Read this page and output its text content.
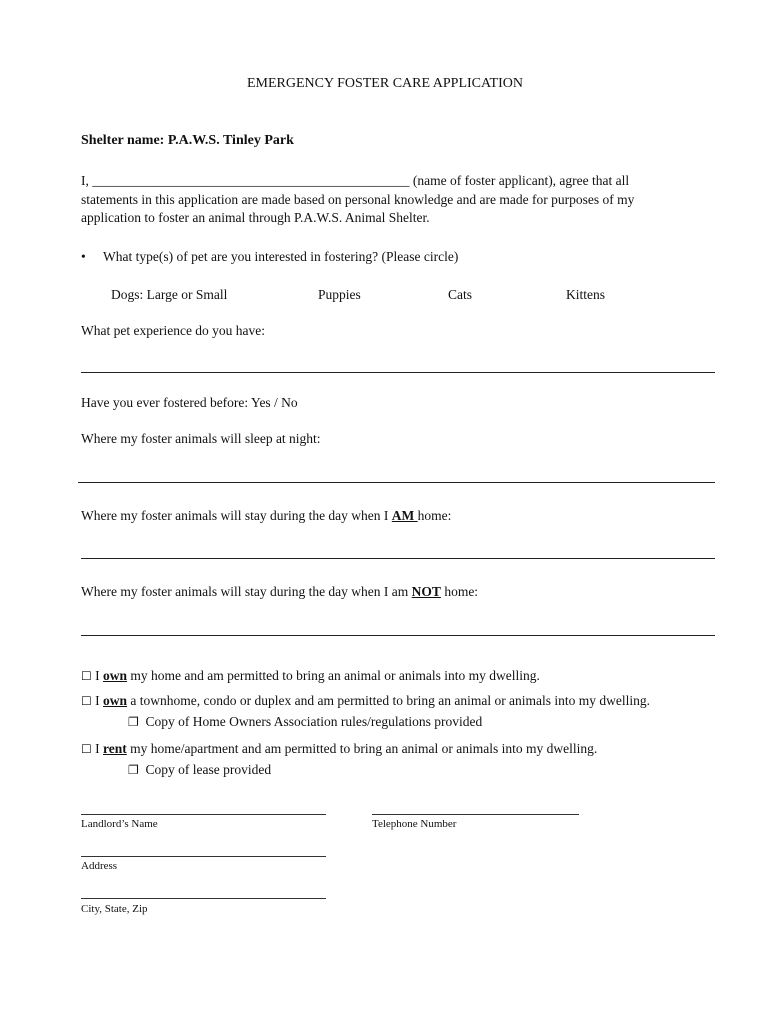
EMERGENCY FOSTER CARE APPLICATION
Shelter name: P.A.W.S. Tinley Park
I, _______________________________________________ (name of foster applicant), agree that all
statements in this application are made based on personal knowledge and are made for purposes of my
application to foster an animal through P.A.W.S. Animal Shelter.
• What type(s) of pet are you interested in fostering? (Please circle)
Dogs: Large or Small	Puppies	Cats	Kittens
What pet experience do you have:
Have you ever fostered before: Yes / No
Where my foster animals will sleep at night:
Where my foster animals will stay during the day when I AM home:
Where my foster animals will stay during the day when I am NOT home:
☐ I own my home and am permitted to bring an animal or animals into my dwelling.
☐ I own a townhome, condo or duplex and am permitted to bring an animal or animals into my dwelling.
❐ Copy of Home Owners Association rules/regulations provided
☐ I rent my home/apartment and am permitted to bring an animal or animals into my dwelling.
❐ Copy of lease provided
Landlord’s Name	Telephone Number
Address
City, State, Zip
